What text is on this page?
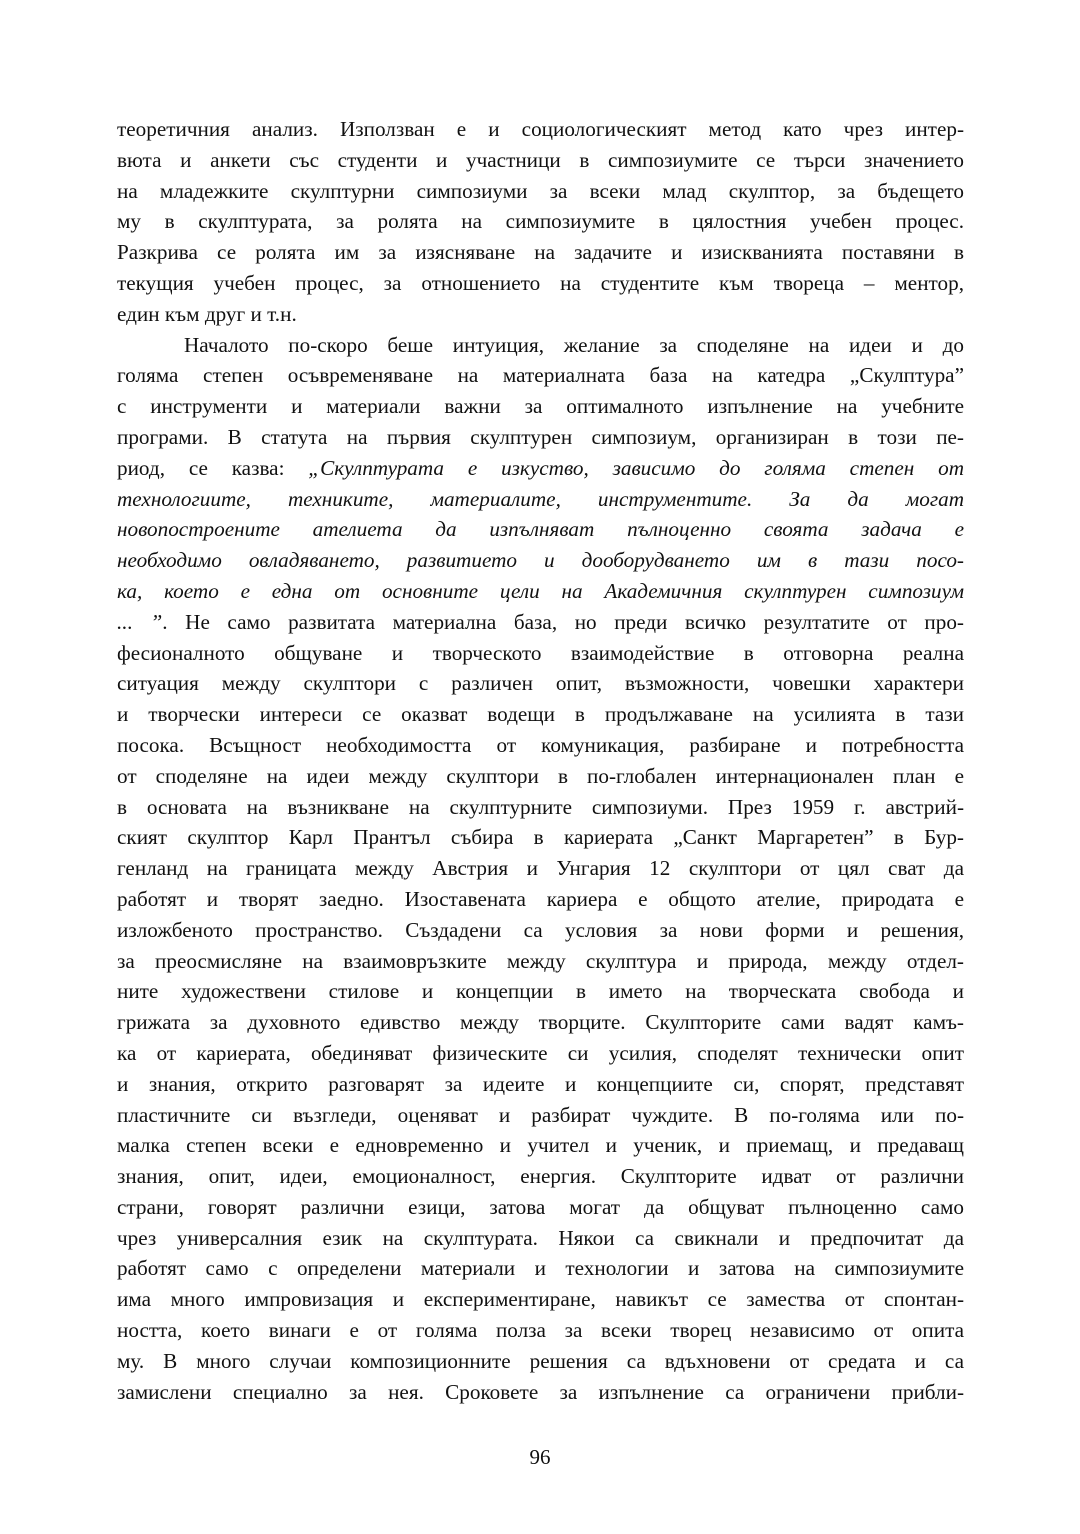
теоретичния анализ. Използван е и социологическият метод като чрез интер-
вюта и анкети със студенти и участници в симпозиумите се търси значението
на младежките скулптурни симпозиуми за всеки млад скулптор, за бъдещето
му в скулптурата, за ролята на симпозиумите в цялостния учебен процес.
Разкрива се ролята им за изясняване на задачите и изискванията поставяни в
текущия учебен процес, за отношението на студентите към твореца – ментор,
един към друг и т.н.
Началото по-скоро беше интуиция, желание за споделяне на идеи и до
голяма степен осъвременяване на материалната база на катедра „Скулптура”
с инструменти и материали важни за оптималното изпълнение на учебните
програми. В статута на първия скулптурен симпозиум, организиран в този пе-
риод, се казва: „Скулптурата е изкуство, зависимо до голяма степен от
технологиите, техниките, материалите, инструментите. За да могат
новопостроените ателиета да изпълняват пълноценно своята задача е
необходимо овладяването, развитието и дооборудването им в тази посо-
ка, което е една от основните цели на Академичния скулптурен симпозиум
... ”. Не само развитата материална база, но преди всичко резултатите от про-
фесионалното общуване и творческото взаимодействие в отговорна реална
ситуация между скулптори с различен опит, възможности, човешки характери
и творчески интереси се оказват водещи в продължаване на усилията в тази
посока. Всъщност необходимостта от комуникация, разбиране и потребността
от споделяне на идеи между скулптори в по-глобален интернационален план е
в основата на възникване на скулптурните симпозиуми. През 1959 г. австрий-
ският скулптор Карл Прантъл събира в кариерата „Санкт Маргаретен” в Бур-
генланд на границата между Австрия и Унгария 12 скулптори от цял сват да
работят и творят заедно. Изоставената кариера е общото ателие, природата е
изложбеното пространство. Създадени са условия за нови форми и решения,
за преосмисляне на взаимовръзките между скулптура и природа, между отдел-
ните художествени стилове и концепции в името на творческата свобода и
грижата за духовното едивство между творците. Скулпторите сами вадят камъ-
ка от кариерата, обединяват физическите си усилия, споделят технически опит
и знания, открито разговарят за идеите и концепциите си, спорят, представят
пластичните си възгледи, оценяват и разбират чуждите. В по-голяма или по-
малка степен всеки е едновременно и учител и ученик, и приемащ, и предаващ
знания, опит, идеи, емоционалност, енергия. Скулпторите идват от различни
страни, говорят различни езици, затова могат да общуват пълноценно само
чрез универсалния език на скулптурата. Някои са свикнали и предпочитат да
работят само с определени материали и технологии и затова на симпозиумите
има много импровизация и експериментиране, навикът се замества от спонтан-
ността, което винаги е от голяма полза за всеки творец независимо от опита
му. В много случаи композиционните решения са вдъхновени от средата и са
замислени специално за нея. Сроковете за изпълнение са ограничени прибли-
96
